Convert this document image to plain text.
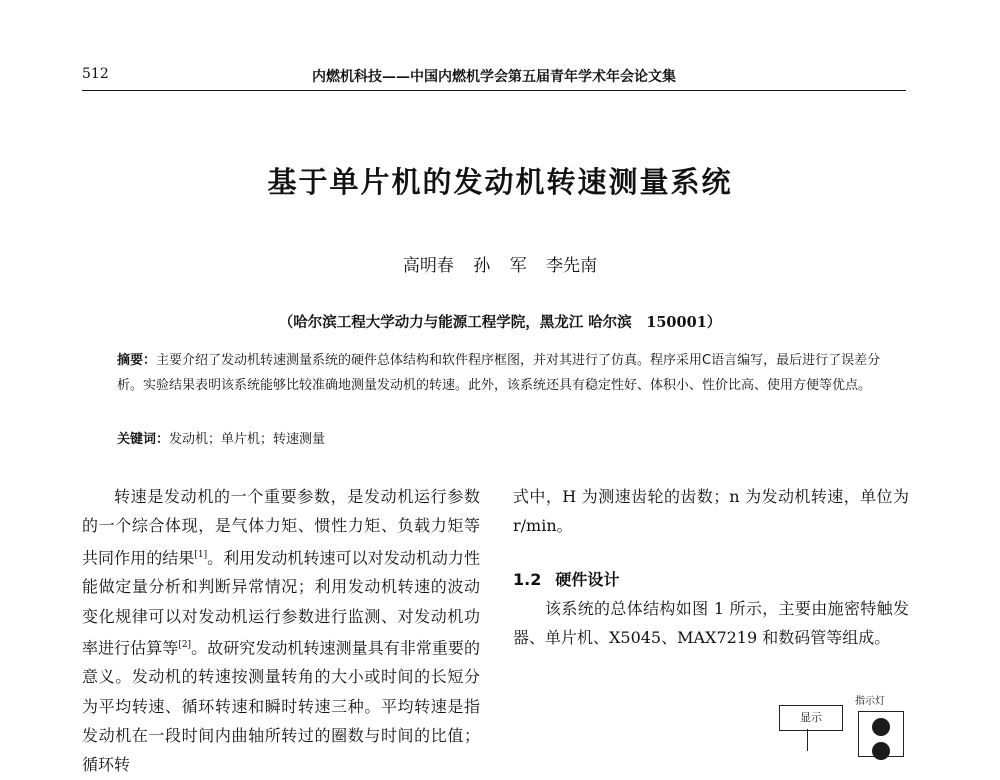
512	内燃机科技——中国内燃机学会第五届青年学术年会论文集
基于单片机的发动机转速测量系统
高明春 孙 军 李先南
（哈尔滨工程大学动力与能源工程学院，黑龙江 哈尔滨　150001）
摘要：主要介绍了发动机转速测量系统的硬件总体结构和软件程序框图，并对其进行了仿真。程序采用C语言编写，最后进行了误差分析。实验结果表明该系统能够比较准确地测量发动机的转速。此外，该系统还具有稳定性好、体积小、性价比高、使用方便等优点。
关键词：发动机；单片机；转速测量
转速是发动机的一个重要参数，是发动机运行参数的一个综合体现，是气体力矩、惯性力矩、负载力矩等共同作用的结果[1]。利用发动机转速可以对发动机动力性能做定量分析和判断异常情况；利用发动机转速的波动变化规律可以对发动机运行参数进行监测、对发动机功率进行估算等[2]。故研究发动机转速测量具有非常重要的意义。发动机的转速按测量转角的大小或时间的长短分为平均转速、循环转速和瞬时转速三种。平均转速是指发动机在一段时间内曲轴所转过的圈数与时间的比值；循环转

式中，H 为测速齿轮的齿数；n 为发动机转速，单位为 r/min。

1.2 硬件设计
该系统的总体结构如图 1 所示，主要由施密特触发器、单片机、X5045、MAX7219 和数码管等组成。
指示灯
显示
